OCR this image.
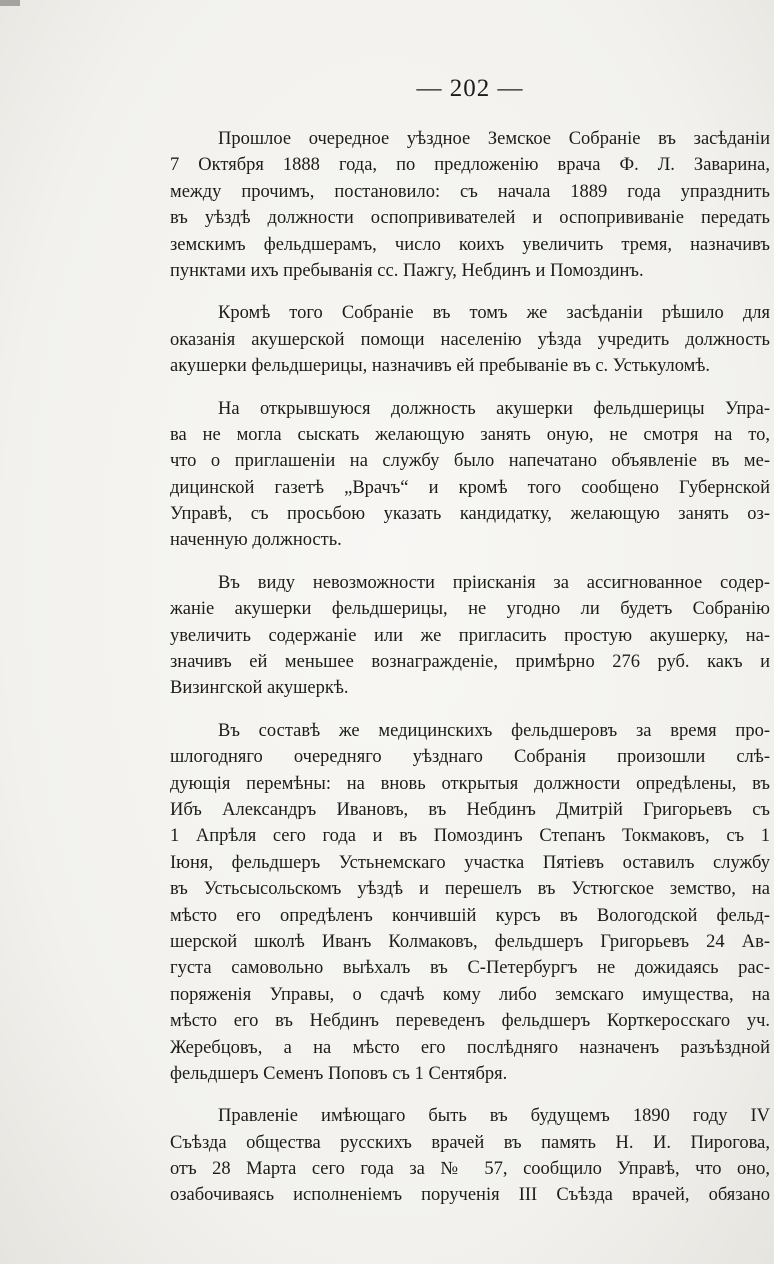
— 202 —

Прошлое очередное уѣздное Земское Собраніе въ засѣданіи
7 Октября 1888 года, по предложенію врача Ф. Л. Заварина,
между прочимъ, постановило: съ начала 1889 года упразднить
въ уѣздѣ должности оспопрививателей и оспопрививаніе передать
земскимъ фельдшерамъ, число коихъ увеличить тремя, назначивъ
пунктами ихъ пребыванія сс. Пажгу, Небдинъ и Помоздинъ.

Кромѣ того Собраніе въ томъ же засѣданіи рѣшило для
оказанія акушерской помощи населенію уѣзда учредить должность
акушерки фельдшерицы, назначивъ ей пребываніе въ с. Устькуломѣ.

На открывшуюся должность акушерки фельдшерицы Упра-
ва не могла сыскать желающую занять оную, не смотря на то,
что о приглашеніи на службу было напечатано объявленіе въ ме-
дицинской газетѣ „Врачъ“ и кромѣ того сообщено Губернской
Управѣ, съ просьбою указать кандидатку, желающую занять оз-
наченную должность.

Въ виду невозможности пріисканія за ассигнованное содер-
жаніе акушерки фельдшерицы, не угодно ли будетъ Собранію
увеличить содержаніе или же пригласить простую акушерку, на-
значивъ ей меньшее вознагражденіе, примѣрно 276 руб. какъ и
Визингской акушеркѣ.

Въ составѣ же медицинскихъ фельдшеровъ за время про-
шлогодняго очередняго уѣзднаго Собранія произошли слѣ-
дующія перемѣны: на вновь открытыя должности опредѣлены, въ
Ибъ Александръ Ивановъ, въ Небдинъ Дмитрій Григорьевъ съ
1 Апрѣля сего года и въ Помоздинъ Степанъ Токмаковъ, съ 1
Іюня, фельдшеръ Устьнемскаго участка Пятіевъ оставилъ службу
въ Устьсысольскомъ уѣздѣ и перешелъ въ Устюгское земство, на
мѣсто его опредѣленъ кончившій курсъ въ Вологодской фельд-
шерской школѣ Иванъ Колмаковъ, фельдшеръ Григорьевъ 24 Ав-
густа самовольно выѣхалъ въ С-Петербургъ не дожидаясь рас-
поряженія Управы, о сдачѣ кому либо земскаго имущества, на
мѣсто его въ Небдинъ переведенъ фельдшеръ Корткеросскаго уч.
Жеребцовъ, а на мѣсто его послѣдняго назначенъ разъѣздной
фельдшеръ Семенъ Поповъ съ 1 Сентября.

Правленіе имѣющаго быть въ будущемъ 1890 году IV
Съѣзда общества русскихъ врачей въ память Н. И. Пирогова,
отъ 28 Марта сего года за № 57, сообщило Управѣ, что оно,
озабочиваясь исполненіемъ порученія III Съѣзда врачей, обязано
